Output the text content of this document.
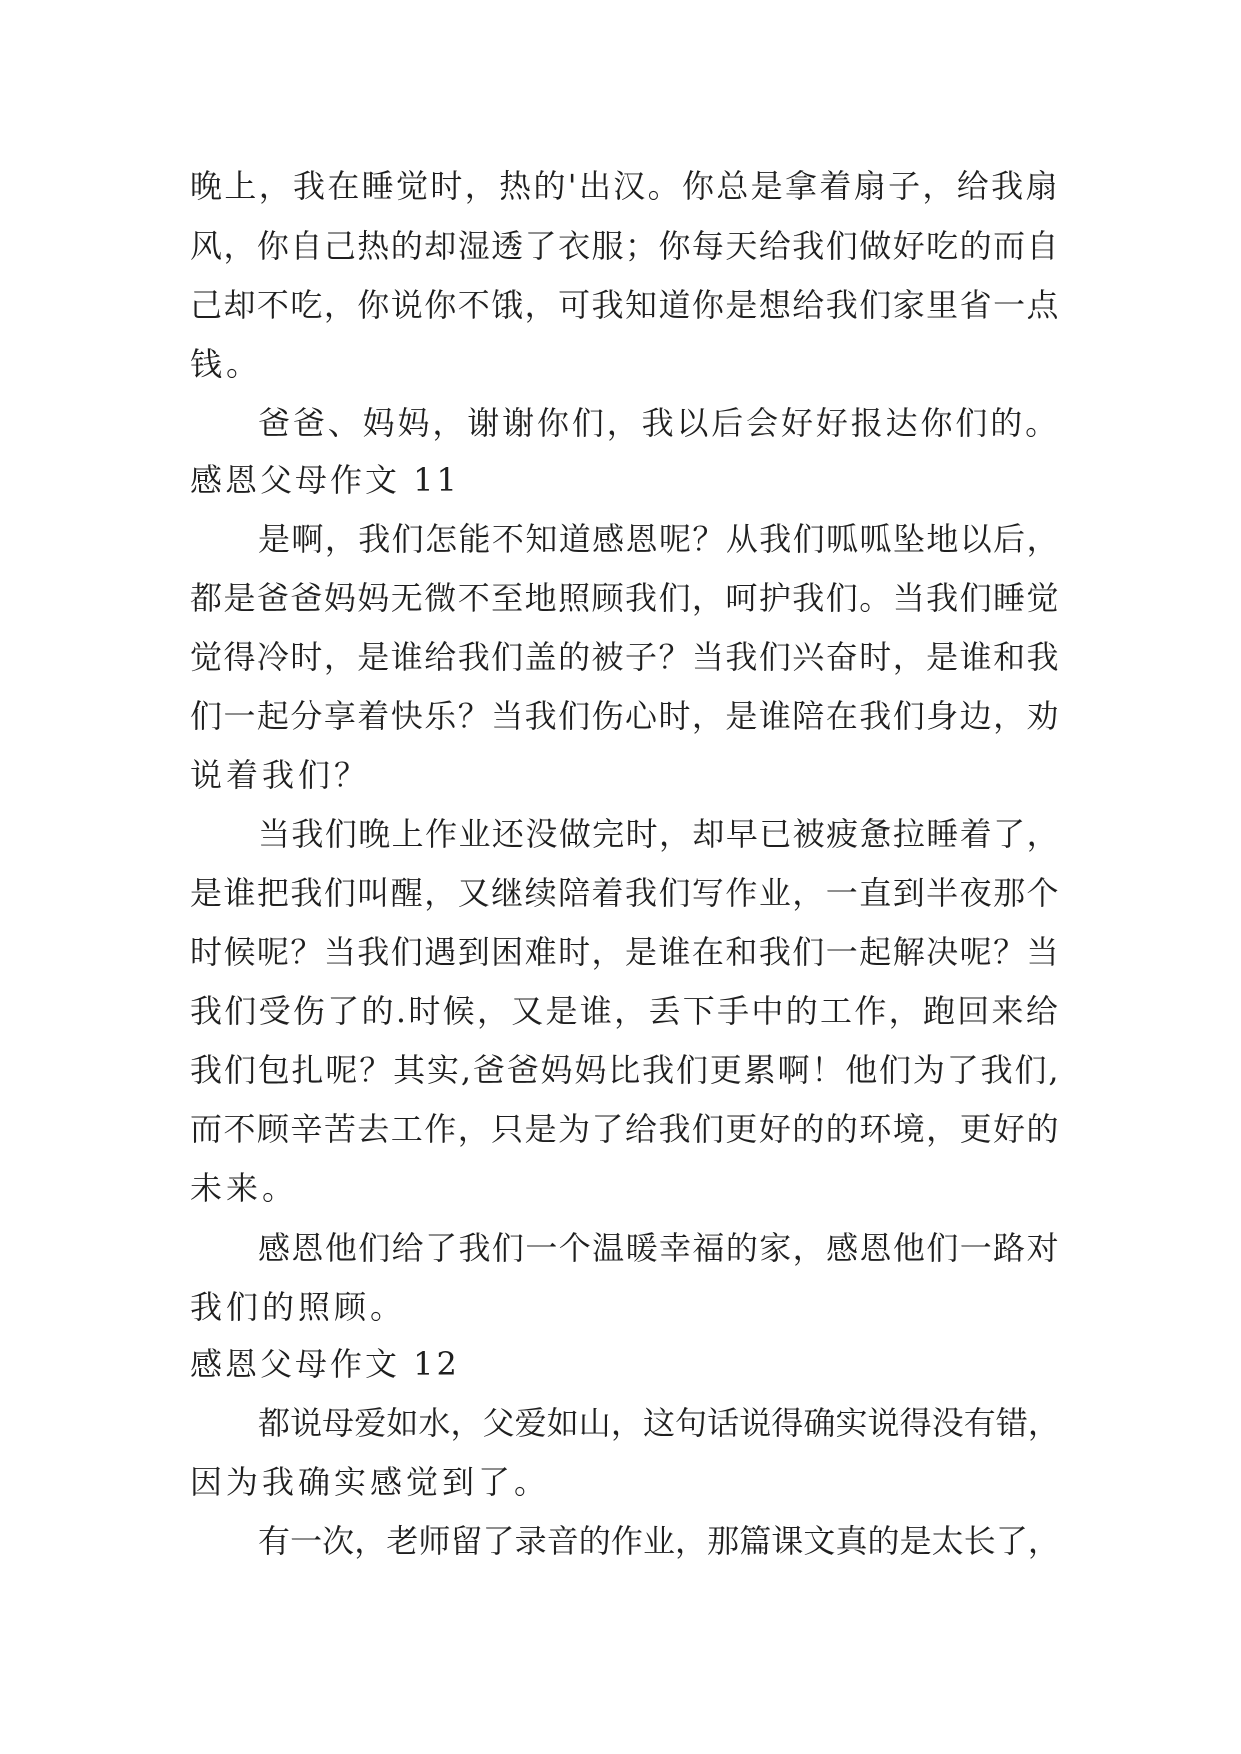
晚上，我在睡觉时，热的'出汉。你总是拿着扇子，给我扇

风，你自己热的却湿透了衣服；你每天给我们做好吃的而自

己却不吃，你说你不饿，可我知道你是想给我们家里省一点

钱。

爸爸、妈妈，谢谢你们，我以后会好好报达你们的。

感恩父母作文 11

是啊，我们怎能不知道感恩呢？从我们呱呱坠地以后，

都是爸爸妈妈无微不至地照顾我们，呵护我们。当我们睡觉

觉得冷时，是谁给我们盖的被子？当我们兴奋时，是谁和我

们一起分享着快乐？当我们伤心时，是谁陪在我们身边，劝

说着我们？

当我们晚上作业还没做完时，却早已被疲惫拉睡着了，

是谁把我们叫醒，又继续陪着我们写作业，一直到半夜那个

时候呢？当我们遇到困难时，是谁在和我们一起解决呢？当

我们受伤了的.时候，又是谁，丢下手中的工作，跑回来给

我们包扎呢？其实,爸爸妈妈比我们更累啊！他们为了我们,

而不顾辛苦去工作，只是为了给我们更好的的环境，更好的

未来。

感恩他们给了我们一个温暖幸福的家，感恩他们一路对

我们的照顾。

感恩父母作文 12

都说母爱如水，父爱如山，这句话说得确实说得没有错，

因为我确实感觉到了。

有一次，老师留了录音的作业，那篇课文真的是太长了，
